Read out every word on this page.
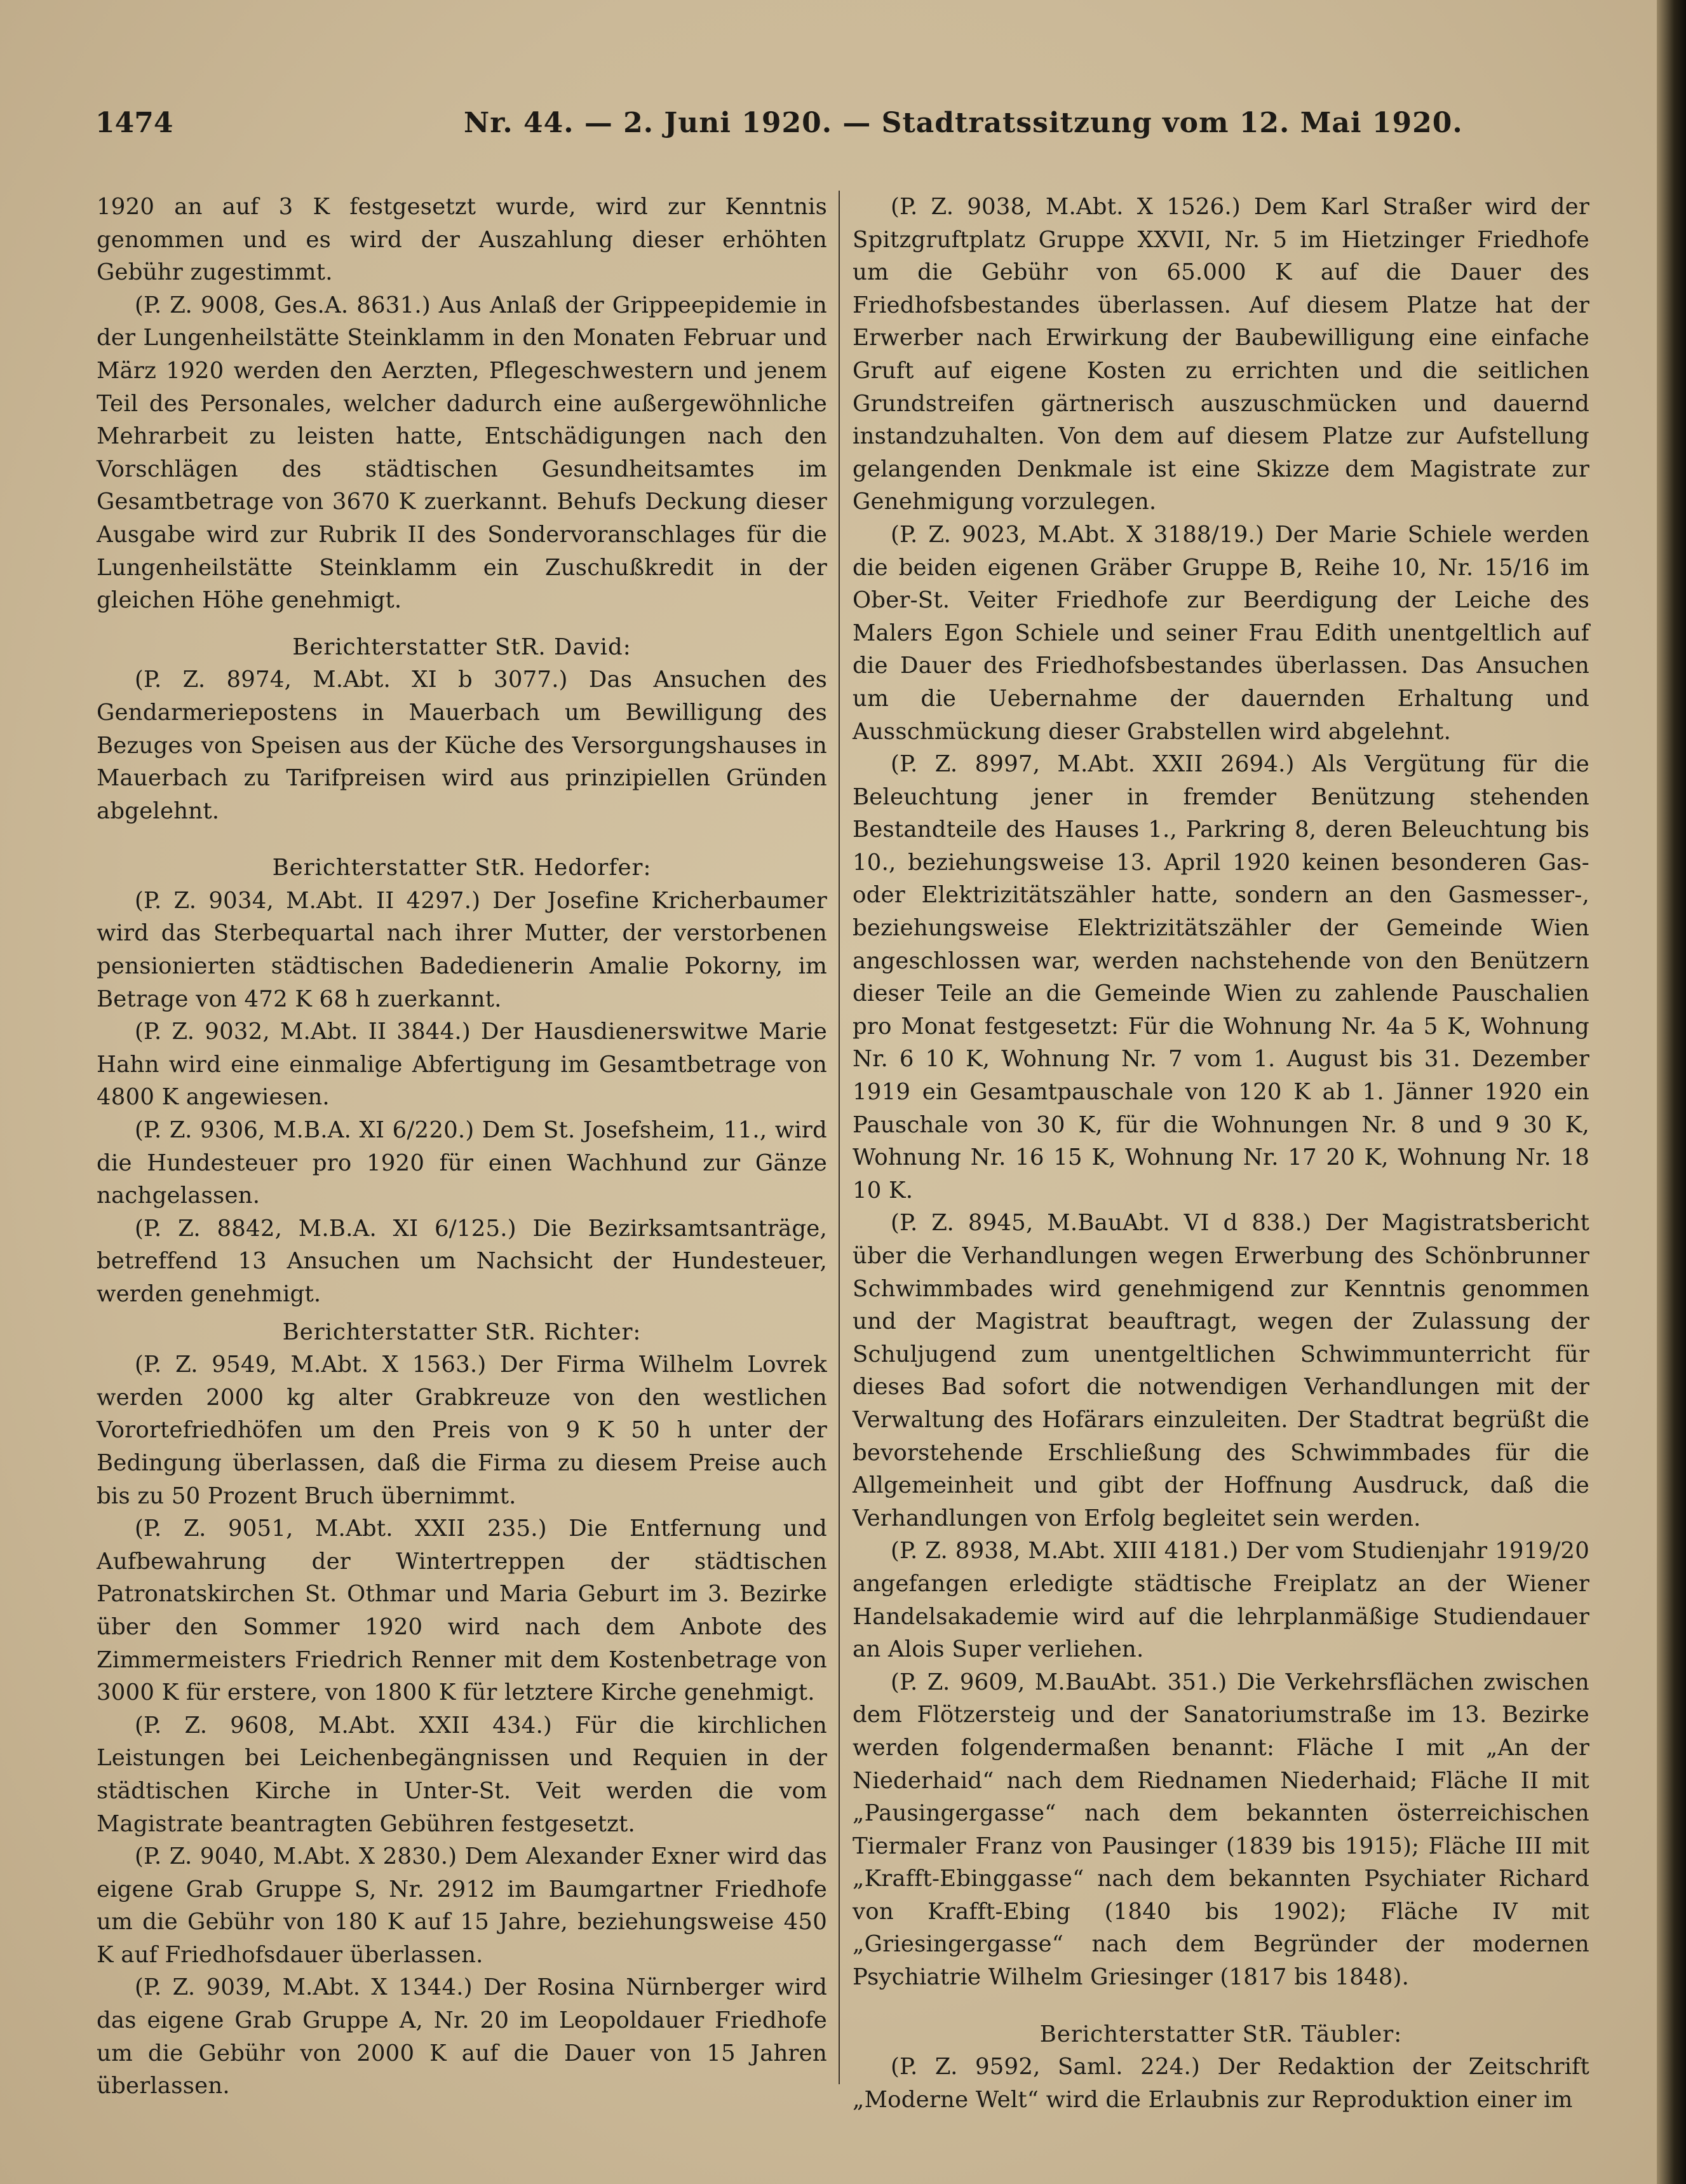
1474	Nr. 44. — 2. Juni 1920. — Stadtratssitzung vom 12. Mai 1920.

1920 an auf 3 K festgesetzt wurde, wird zur Kenntnis genommen und es wird der Auszahlung dieser erhöhten Gebühr zugestimmt.

(P. Z. 9008, Ges.A. 8631.) Aus Anlaß der Grippeepidemie in der Lungenheilstätte Steinklamm in den Monaten Februar und März 1920 werden den Aerzten, Pflegeschwestern und jenem Teil des Personales, welcher dadurch eine außergewöhnliche Mehrarbeit zu leisten hatte, Entschädigungen nach den Vorschlägen des städtischen Gesundheitsamtes im Gesamtbetrage von 3670 K zuerkannt. Behufs Deckung dieser Ausgabe wird zur Rubrik II des Sondervoranschlages für die Lungenheilstätte Steinklamm ein Zuschußkredit in der gleichen Höhe genehmigt.

Berichterstatter StR. David:

(P. Z. 8974, M.Abt. XI b 3077.) Das Ansuchen des Gendarmeriepostens in Mauerbach um Bewilligung des Bezuges von Speisen aus der Küche des Versorgungshauses in Mauerbach zu Tarifpreisen wird aus prinzipiellen Gründen abgelehnt.

Berichterstatter StR. Hedorfer:

(P. Z. 9034, M.Abt. II 4297.) Der Josefine Kricherbaumer wird das Sterbequartal nach ihrer Mutter, der verstorbenen pensionierten städtischen Badedienerin Amalie Pokorny, im Betrage von 472 K 68 h zuerkannt.

(P. Z. 9032, M.Abt. II 3844.) Der Hausdienerswitwe Marie Hahn wird eine einmalige Abfertigung im Gesamtbetrage von 4800 K angewiesen.

(P. Z. 9306, M.B.A. XI 6/220.) Dem St. Josefsheim, 11., wird die Hundesteuer pro 1920 für einen Wachhund zur Gänze nachgelassen.

(P. Z. 8842, M.B.A. XI 6/125.) Die Bezirksamtsanträge, betreffend 13 Ansuchen um Nachsicht der Hundesteuer, werden genehmigt.

Berichterstatter StR. Richter:

(P. Z. 9549, M.Abt. X 1563.) Der Firma Wilhelm Lovrek werden 2000 kg alter Grabkreuze von den westlichen Vorortefriedhöfen um den Preis von 9 K 50 h unter der Bedingung überlassen, daß die Firma zu diesem Preise auch bis zu 50 Prozent Bruch übernimmt.

(P. Z. 9051, M.Abt. XXII 235.) Die Entfernung und Aufbewahrung der Wintertreppen der städtischen Patronatskirchen St. Othmar und Maria Geburt im 3. Bezirke über den Sommer 1920 wird nach dem Anbote des Zimmermeisters Friedrich Renner mit dem Kostenbetrage von 3000 K für erstere, von 1800 K für letztere Kirche genehmigt.

(P. Z. 9608, M.Abt. XXII 434.) Für die kirchlichen Leistungen bei Leichenbegängnissen und Requien in der städtischen Kirche in Unter-St. Veit werden die vom Magistrate beantragten Gebühren festgesetzt.

(P. Z. 9040, M.Abt. X 2830.) Dem Alexander Exner wird das eigene Grab Gruppe S, Nr. 2912 im Baumgartner Friedhofe um die Gebühr von 180 K auf 15 Jahre, beziehungsweise 450 K auf Friedhofsdauer überlassen.

(P. Z. 9039, M.Abt. X 1344.) Der Rosina Nürnberger wird das eigene Grab Gruppe A, Nr. 20 im Leopoldauer Friedhofe um die Gebühr von 2000 K auf die Dauer von 15 Jahren überlassen.

(P. Z. 9038, M.Abt. X 1526.) Dem Karl Straßer wird der Spitzgruftplatz Gruppe XXVII, Nr. 5 im Hietzinger Friedhofe um die Gebühr von 65.000 K auf die Dauer des Friedhofsbestandes überlassen. Auf diesem Platze hat der Erwerber nach Erwirkung der Baubewilligung eine einfache Gruft auf eigene Kosten zu errichten und die seitlichen Grundstreifen gärtnerisch auszuschmücken und dauernd instandzuhalten. Von dem auf diesem Platze zur Aufstellung gelangenden Denkmale ist eine Skizze dem Magistrate zur Genehmigung vorzulegen.

(P. Z. 9023, M.Abt. X 3188/19.) Der Marie Schiele werden die beiden eigenen Gräber Gruppe B, Reihe 10, Nr. 15/16 im Ober-St. Veiter Friedhofe zur Beerdigung der Leiche des Malers Egon Schiele und seiner Frau Edith unentgeltlich auf die Dauer des Friedhofsbestandes überlassen. Das Ansuchen um die Uebernahme der dauernden Erhaltung und Ausschmückung dieser Grabstellen wird abgelehnt.

(P. Z. 8997, M.Abt. XXII 2694.) Als Vergütung für die Beleuchtung jener in fremder Benützung stehenden Bestandteile des Hauses 1., Parkring 8, deren Beleuchtung bis 10., beziehungsweise 13. April 1920 keinen besonderen Gas- oder Elektrizitätszähler hatte, sondern an den Gasmesser-, beziehungsweise Elektrizitätszähler der Gemeinde Wien angeschlossen war, werden nachstehende von den Benützern dieser Teile an die Gemeinde Wien zu zahlende Pauschalien pro Monat festgesetzt: Für die Wohnung Nr. 4a 5 K, Wohnung Nr. 6 10 K, Wohnung Nr. 7 vom 1. August bis 31. Dezember 1919 ein Gesamtpauschale von 120 K ab 1. Jänner 1920 ein Pauschale von 30 K, für die Wohnungen Nr. 8 und 9 30 K, Wohnung Nr. 16 15 K, Wohnung Nr. 17 20 K, Wohnung Nr. 18 10 K.

(P. Z. 8945, M.BauAbt. VI d 838.) Der Magistratsbericht über die Verhandlungen wegen Erwerbung des Schönbrunner Schwimmbades wird genehmigend zur Kenntnis genommen und der Magistrat beauftragt, wegen der Zulassung der Schuljugend zum unentgeltlichen Schwimmunterricht für dieses Bad sofort die notwendigen Verhandlungen mit der Verwaltung des Hofärars einzuleiten. Der Stadtrat begrüßt die bevorstehende Erschließung des Schwimmbades für die Allgemeinheit und gibt der Hoffnung Ausdruck, daß die Verhandlungen von Erfolg begleitet sein werden.

(P. Z. 8938, M.Abt. XIII 4181.) Der vom Studienjahr 1919/20 angefangen erledigte städtische Freiplatz an der Wiener Handelsakademie wird auf die lehrplanmäßige Studiendauer an Alois Super verliehen.

(P. Z. 9609, M.BauAbt. 351.) Die Verkehrsflächen zwischen dem Flötzersteig und der Sanatoriumstraße im 13. Bezirke werden folgendermaßen benannt: Fläche I mit „An der Niederhaid“ nach dem Riednamen Niederhaid; Fläche II mit „Pausingergasse“ nach dem bekannten österreichischen Tiermaler Franz von Pausinger (1839 bis 1915); Fläche III mit „Krafft-Ebinggasse“ nach dem bekannten Psychiater Richard von Krafft-Ebing (1840 bis 1902); Fläche IV mit „Griesingergasse“ nach dem Begründer der modernen Psychiatrie Wilhelm Griesinger (1817 bis 1848).

Berichterstatter StR. Täubler:

(P. Z. 9592, Saml. 224.) Der Redaktion der Zeitschrift „Moderne Welt“ wird die Erlaubnis zur Reproduktion einer im
